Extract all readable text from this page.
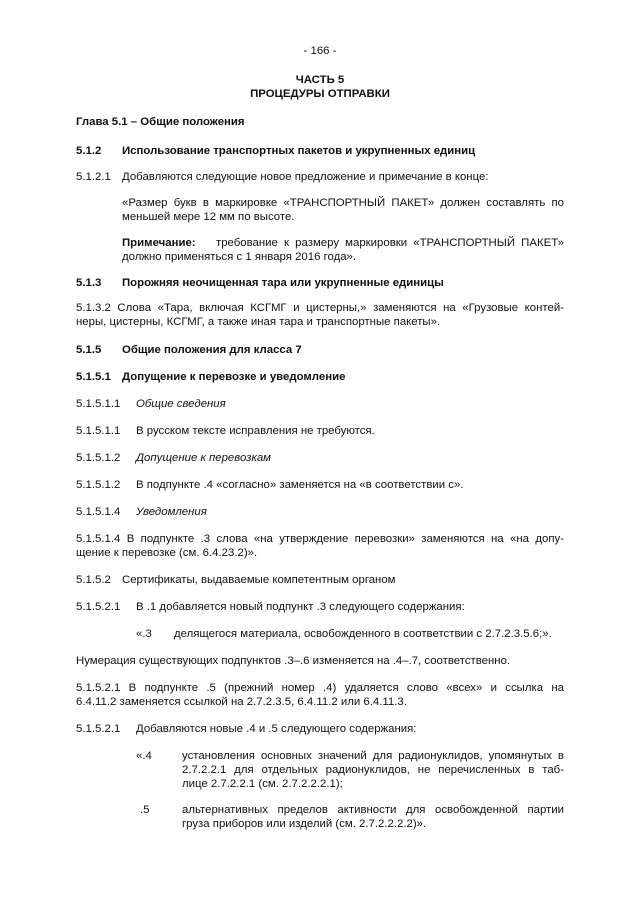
- 166 -
ЧАСТЬ 5
ПРОЦЕДУРЫ ОТПРАВКИ
Глава 5.1 – Общие положения
5.1.2 Использование транспортных пакетов и укрупненных единиц
5.1.2.1 Добавляются следующие новое предложение и примечание в конце:
«Размер букв в маркировке «ТРАНСПОРТНЫЙ ПАКЕТ» должен составлять по
меньшей мере 12 мм по высоте.
Примечание: требование к размеру маркировки «ТРАНСПОРТНЫЙ ПАКЕТ»
должно применяться с 1 января 2016 года».
5.1.3 Порожняя неочищенная тара или укрупненные единицы
5.1.3.2 Слова «Тара, включая КСГМГ и цистерны,» заменяются на «Грузовые контей-
неры, цистерны, КСГМГ, а также иная тара и транспортные пакеты».
5.1.5 Общие положения для класса 7
5.1.5.1 Допущение к перевозке и уведомление
5.1.5.1.1 Общие сведения
5.1.5.1.1 В русском тексте исправления не требуются.
5.1.5.1.2 Допущение к перевозкам
5.1.5.1.2 В подпункте .4 «согласно» заменяется на «в соответствии с».
5.1.5.1.4 Уведомления
5.1.5.1.4 В подпункте .3 слова «на утверждение перевозки» заменяются на «на допу-
щение к перевозке (см. 6.4.23.2)».
5.1.5.2 Сертификаты, выдаваемые компетентным органом
5.1.5.2.1 В .1 добавляется новый подпункт .3 следующего содержания:
«.3 делящегося материала, освобожденного в соответствии с 2.7.2.3.5.6;».
Нумерация существующих подпунктов .3–.6 изменяется на .4–.7, соответственно.
5.1.5.2.1 В подпункте .5 (прежний номер .4) удаляется слово «всех» и ссылка на
6.4.11.2 заменяется ссылкой на 2.7.2.3.5, 6.4.11.2 или 6.4.11.3.
5.1.5.2.1 Добавляются новые .4 и .5 следующего содержания:
«.4	установления основных значений для радионуклидов, упомянутых в
2.7.2.2.1 для отдельных радионуклидов, не перечисленных в таб-
лице 2.7.2.2.1 (см. 2.7.2.2.2.1);
.5	альтернативных пределов активности для освобожденной партии
груза приборов или изделий (см. 2.7.2.2.2.2)».
